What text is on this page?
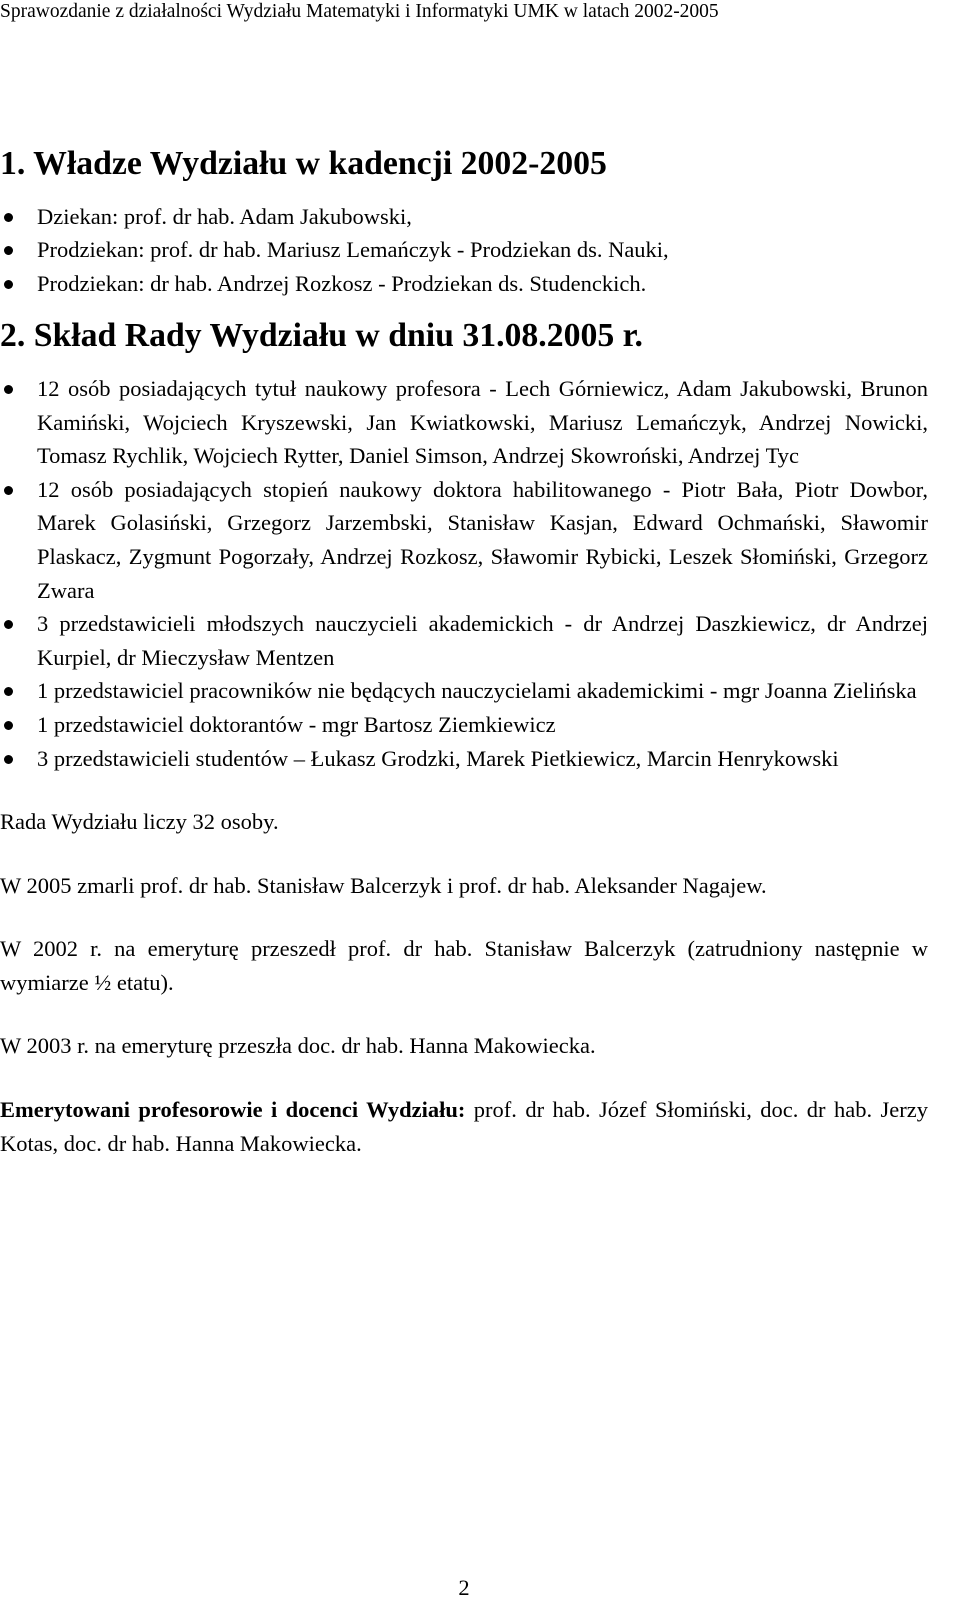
Sprawozdanie z działalności Wydziału Matematyki i Informatyki UMK w latach 2002-2005
1. Władze Wydziału w kadencji 2002-2005
Dziekan: prof. dr hab. Adam Jakubowski,
Prodziekan: prof. dr hab. Mariusz Lemańczyk - Prodziekan ds. Nauki,
Prodziekan: dr hab. Andrzej Rozkosz - Prodziekan ds. Studenckich.
2. Skład Rady Wydziału w dniu 31.08.2005 r.
12 osób posiadających tytuł naukowy profesora - Lech Górniewicz, Adam Jakubowski, Brunon Kamiński, Wojciech Kryszewski, Jan Kwiatkowski, Mariusz Lemańczyk, Andrzej Nowicki, Tomasz Rychlik, Wojciech Rytter, Daniel Simson, Andrzej Skowroński, Andrzej Tyc
12 osób posiadających stopień naukowy doktora habilitowanego - Piotr Bała, Piotr Dowbor, Marek Golasiński, Grzegorz Jarzembski, Stanisław Kasjan, Edward Ochmański, Sławomir Plaskacz, Zygmunt Pogorzały, Andrzej Rozkosz, Sławomir Rybicki, Leszek Słomiński, Grzegorz Zwara
3 przedstawicieli młodszych nauczycieli akademickich - dr Andrzej Daszkiewicz, dr Andrzej Kurpiel, dr Mieczysław Mentzen
1 przedstawiciel pracowników nie będących nauczycielami akademickimi - mgr Joanna Zielińska
1 przedstawiciel doktorantów - mgr Bartosz Ziemkiewicz
3 przedstawicieli studentów – Łukasz Grodzki, Marek Pietkiewicz, Marcin Henrykowski

Rada Wydziału liczy 32 osoby.

W 2005 zmarli prof. dr hab. Stanisław Balcerzyk i prof. dr hab. Aleksander Nagajew.

W 2002 r. na emeryturę przeszedł prof. dr hab. Stanisław Balcerzyk (zatrudniony następnie w wymiarze ½ etatu).

W 2003 r. na emeryturę przeszła doc. dr hab. Hanna Makowiecka.

Emerytowani profesorowie i docenci Wydziału: prof. dr hab. Józef Słomiński, doc. dr hab. Jerzy Kotas, doc. dr hab. Hanna Makowiecka.

2
